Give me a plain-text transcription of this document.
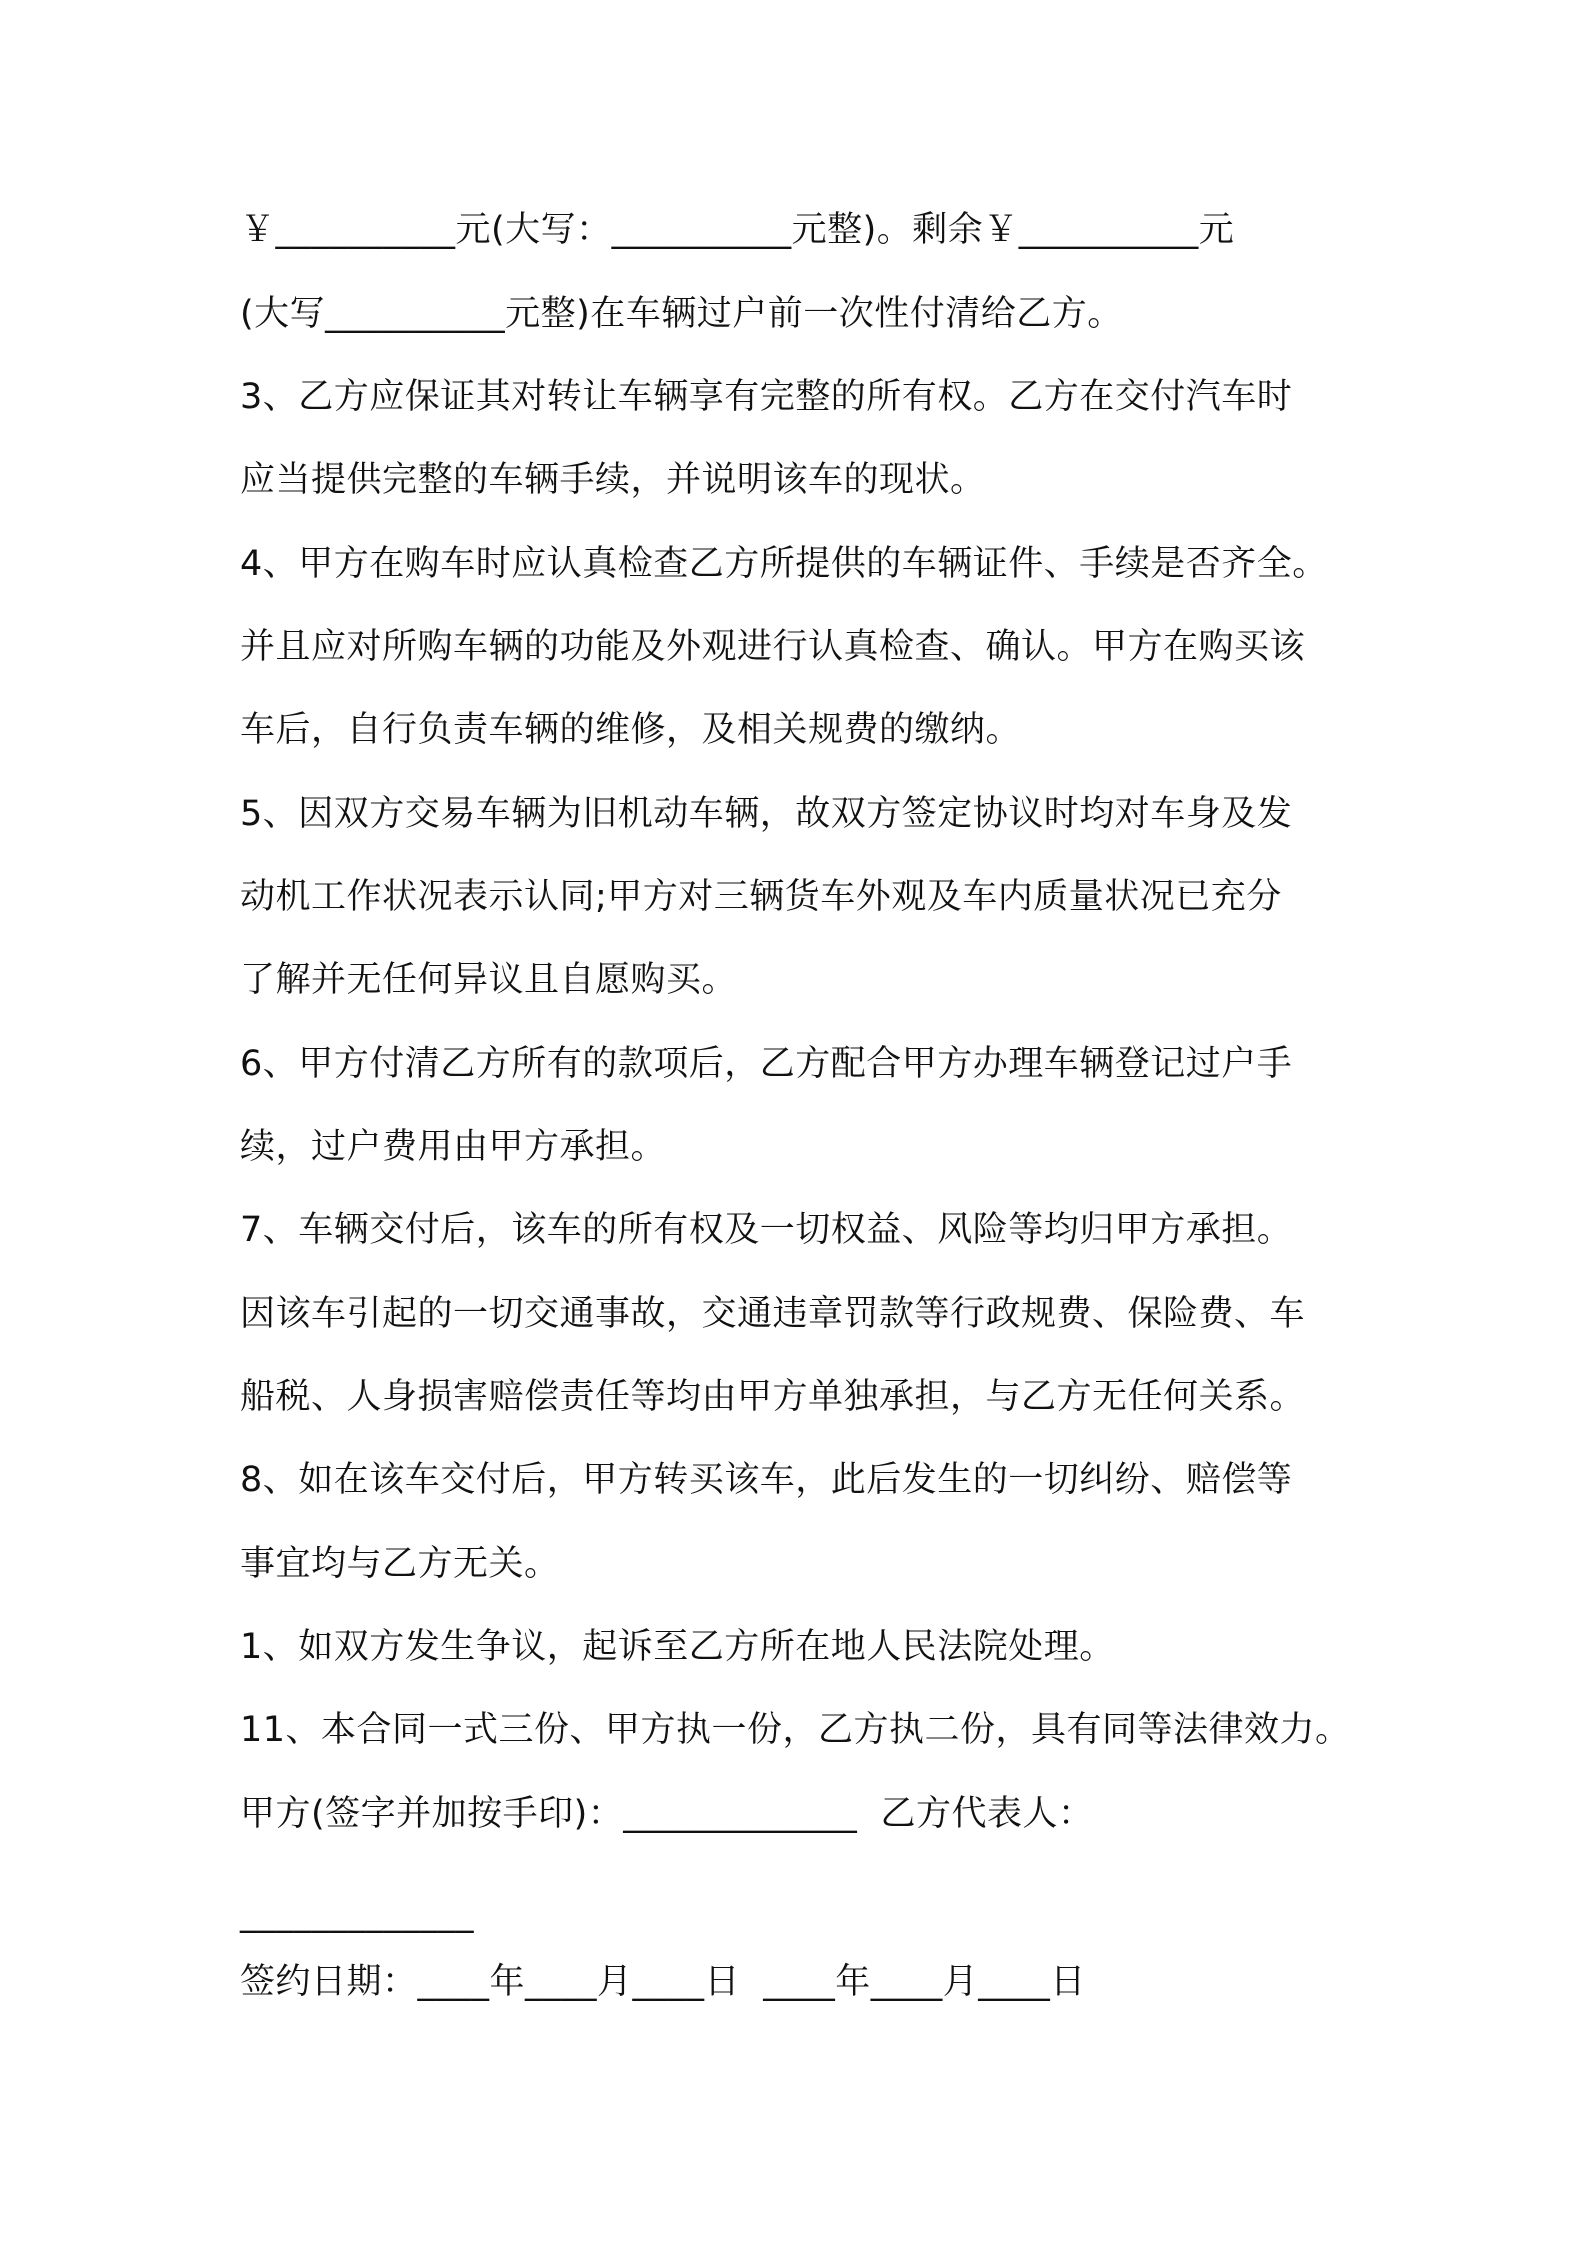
￥__________元(大写：__________元整)。剩余￥__________元
(大写__________元整)在车辆过户前一次性付清给乙方。
3、乙方应保证其对转让车辆享有完整的所有权。乙方在交付汽车时
应当提供完整的车辆手续，并说明该车的现状。
4、甲方在购车时应认真检查乙方所提供的车辆证件、手续是否齐全。
并且应对所购车辆的功能及外观进行认真检查、确认。甲方在购买该
车后，自行负责车辆的维修，及相关规费的缴纳。
5、因双方交易车辆为旧机动车辆，故双方签定协议时均对车身及发
动机工作状况表示认同;甲方对三辆货车外观及车内质量状况已充分
了解并无任何异议且自愿购买。
6、甲方付清乙方所有的款项后，乙方配合甲方办理车辆登记过户手
续，过户费用由甲方承担。
7、车辆交付后，该车的所有权及一切权益、风险等均归甲方承担。
因该车引起的一切交通事故，交通违章罚款等行政规费、保险费、车
船税、人身损害赔偿责任等均由甲方单独承担，与乙方无任何关系。
8、如在该车交付后，甲方转买该车，此后发生的一切纠纷、赔偿等
事宜均与乙方无关。
1、如双方发生争议，起诉至乙方所在地人民法院处理。
11、本合同一式三份、甲方执一份，乙方执二份，具有同等法律效力。
甲方(签字并加按手印)：_____________  乙方代表人：
_____________
签约日期：____年____月____日  ____年____月____日
